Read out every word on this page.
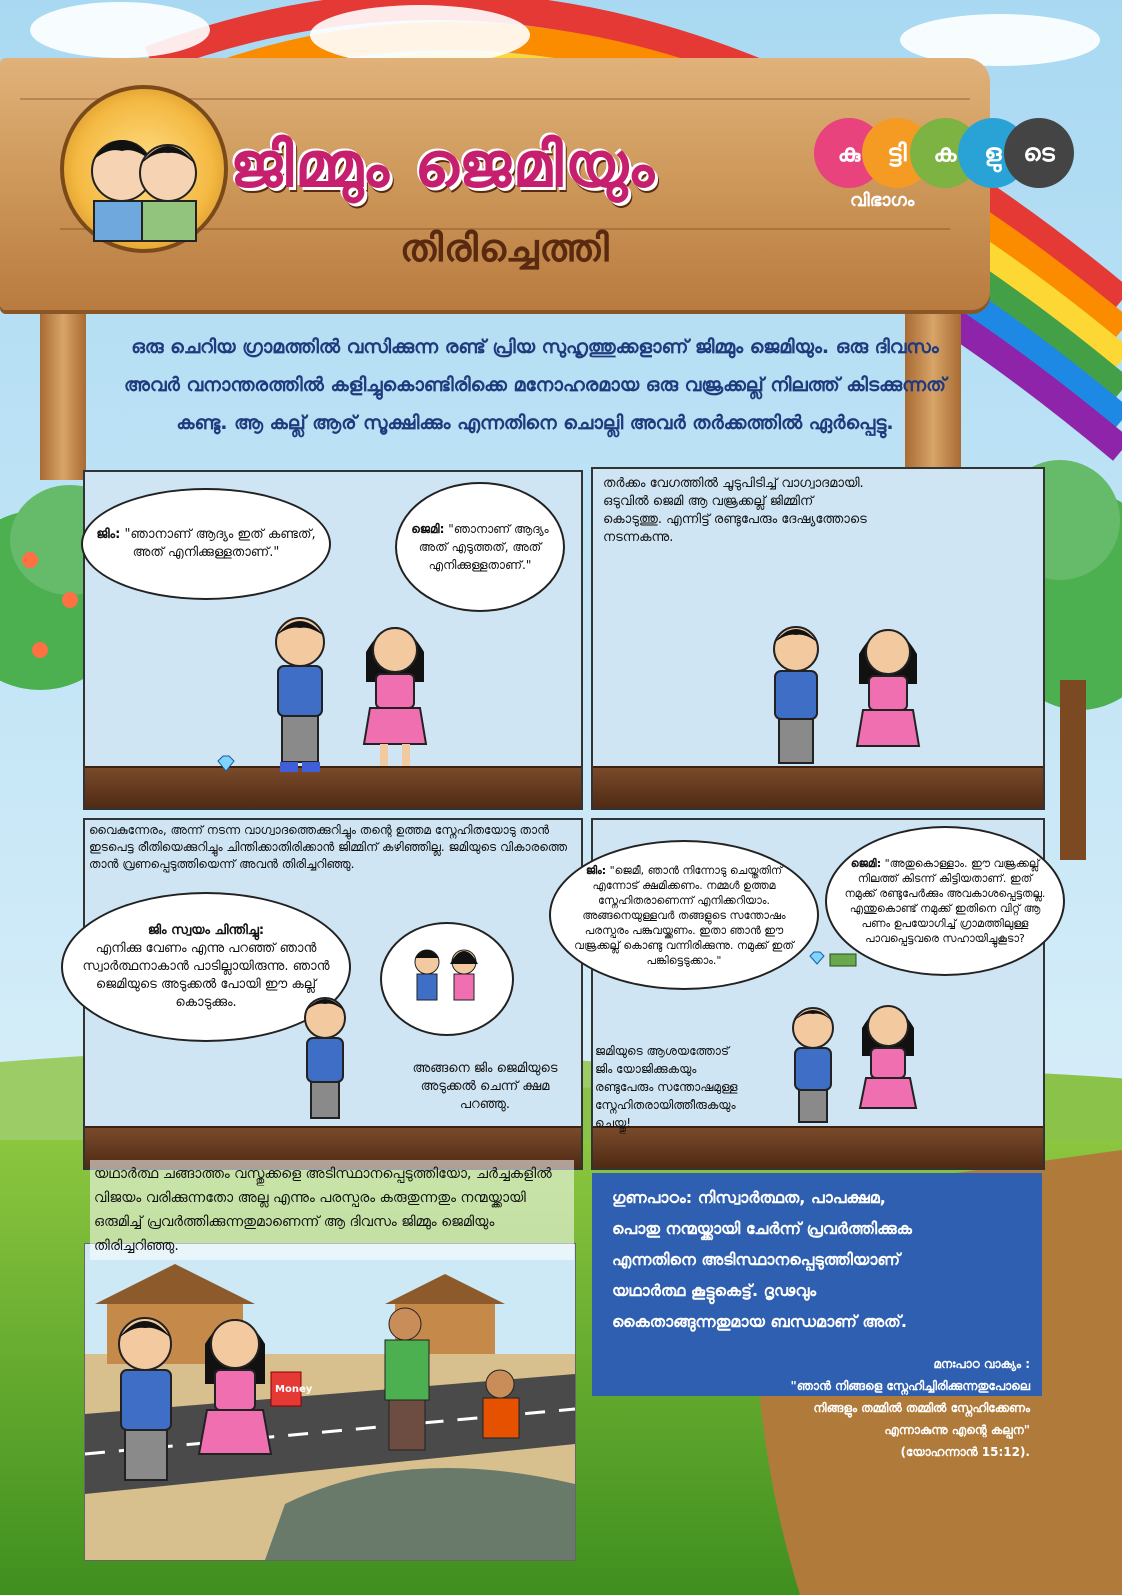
ജിമ്മും ജെമിയും
തിരിച്ചെത്തി
കു	ട്ടി	ക	ളു ടെ
വിഭാഗം
ഒരു ചെറിയ ഗ്രാമത്തിൽ വസിക്കുന്ന രണ്ട് പ്രിയ സുഹൃത്തുക്കളാണ് ജിമ്മും ജെമിയും. ഒരു ദിവസം അവർ വനാന്തരത്തിൽ കളിച്ചുകൊണ്ടിരിക്കെ മനോഹരമായ ഒരു വജ്രക്കല്ല് നിലത്ത് കിടക്കുന്നത് കണ്ടു. ആ കല്ല് ആര് സൂക്ഷിക്കും എന്നതിനെ ചൊല്ലി അവർ തർക്കത്തിൽ ഏർപ്പെട്ടു.
ജിം: "ഞാനാണ് ആദ്യം ഇത് കണ്ടത്, അത് എനിക്കുള്ളതാണ്."
ജെമി: "ഞാനാണ് ആദ്യം അത് എടുത്തത്, അത് എനിക്കുള്ളതാണ്."
തർക്കം വേഗത്തിൽ ചൂടുപിടിച്ച് വാഗ്വാദമായി. ഒടുവിൽ ജെമി ആ വജ്രക്കല്ല് ജിമ്മിന് കൊടുത്തു. എന്നിട്ട് രണ്ടുപേരും ദേഷ്യത്തോടെ നടന്നകന്നു.
വൈകുന്നേരം, അന്ന് നടന്ന വാഗ്വാദത്തെക്കുറിച്ചും തന്റെ ഉത്തമ സ്നേഹിതയോടു താൻ ഇടപെട്ട രീതിയെക്കുറിച്ചും ചിന്തിക്കാതിരിക്കാൻ ജിമ്മിന് കഴിഞ്ഞില്ല. ജമിയുടെ വികാരത്തെ താൻ വ്രണപ്പെടുത്തിയെന്ന് അവൻ തിരിച്ചറിഞ്ഞു.
ജിം സ്വയം ചിന്തിച്ചു:
എനിക്കു വേണം എന്നു പറഞ്ഞ് ഞാൻ സ്വാർത്ഥനാകാൻ പാടില്ലായിരുന്നു. ഞാൻ ജെമിയുടെ അടുക്കൽ പോയി ഈ കല്ല് കൊടുക്കും.
അങ്ങനെ ജിം ജെമിയുടെ അടുക്കൽ ചെന്ന് ക്ഷമ പറഞ്ഞു.
ജിം: "ജെമീ, ഞാൻ നിന്നോടു ചെയ്തതിന് എന്നോട് ക്ഷമിക്കണം. നമ്മൾ ഉത്തമ സ്നേഹിതരാണെന്ന് എനിക്കറിയാം. അങ്ങനെയുള്ളവർ തങ്ങളുടെ സന്തോഷം പരസ്പരം പങ്കുവയ്ക്കണം. ഇതാ ഞാൻ ഈ വജ്രക്കല്ല് കൊണ്ടു വന്നിരിക്കുന്നു. നമുക്ക് ഇത് പങ്കിട്ടെടുക്കാം."
ജെമി: "അതുകൊള്ളാം. ഈ വജ്രക്കല്ല് നിലത്ത് കിടന്ന് കിട്ടിയതാണ്. ഇത് നമുക്ക് രണ്ടുപേർക്കും അവകാശപ്പെട്ടതല്ല. എന്തുകൊണ്ട് നമുക്ക് ഇതിനെ വിറ്റ് ആ പണം ഉപയോഗിച്ച് ഗ്രാമത്തിലുള്ള പാവപ്പെട്ടവരെ സഹായിച്ചുകൂടാ?
ജമിയുടെ ആശയത്തോട് ജിം യോജിക്കുകയും രണ്ടുപേരും സന്തോഷമുള്ള സ്നേഹിതരായിത്തീരുകയും ചെയ്തു!
Money
യഥാർത്ഥ ചങ്ങാത്തം വസ്തുക്കളെ അടിസ്ഥാനപ്പെടുത്തിയോ, ചർച്ചകളിൽ വിജയം വരിക്കുന്നതോ അല്ല എന്നും പരസ്പരം കരുതുന്നതും നന്മയ്ക്കായി ഒരുമിച്ച് പ്രവർത്തിക്കുന്നതുമാണെന്ന് ആ ദിവസം ജിമ്മും ജെമിയും തിരിച്ചറിഞ്ഞു.
ഗുണപാഠം: നിസ്വാർത്ഥത, പാപക്ഷമ, പൊതു നന്മയ്ക്കായി ചേർന്ന് പ്രവർത്തിക്കുക എന്നതിനെ അടിസ്ഥാനപ്പെടുത്തിയാണ് യഥാർത്ഥ കൂട്ടുകെട്ട്. ദൃഢവും കൈതാങ്ങുന്നതുമായ ബന്ധമാണ് അത്.
മനഃപാഠ വാക്യം :
"ഞാൻ നിങ്ങളെ സ്നേഹിച്ചിരിക്കുന്നതുപോലെ നിങ്ങളും തമ്മിൽ തമ്മിൽ സ്നേഹിക്കേണം എന്നാകുന്നു എന്റെ കല്പന"
(യോഹന്നാൻ 15:12).
